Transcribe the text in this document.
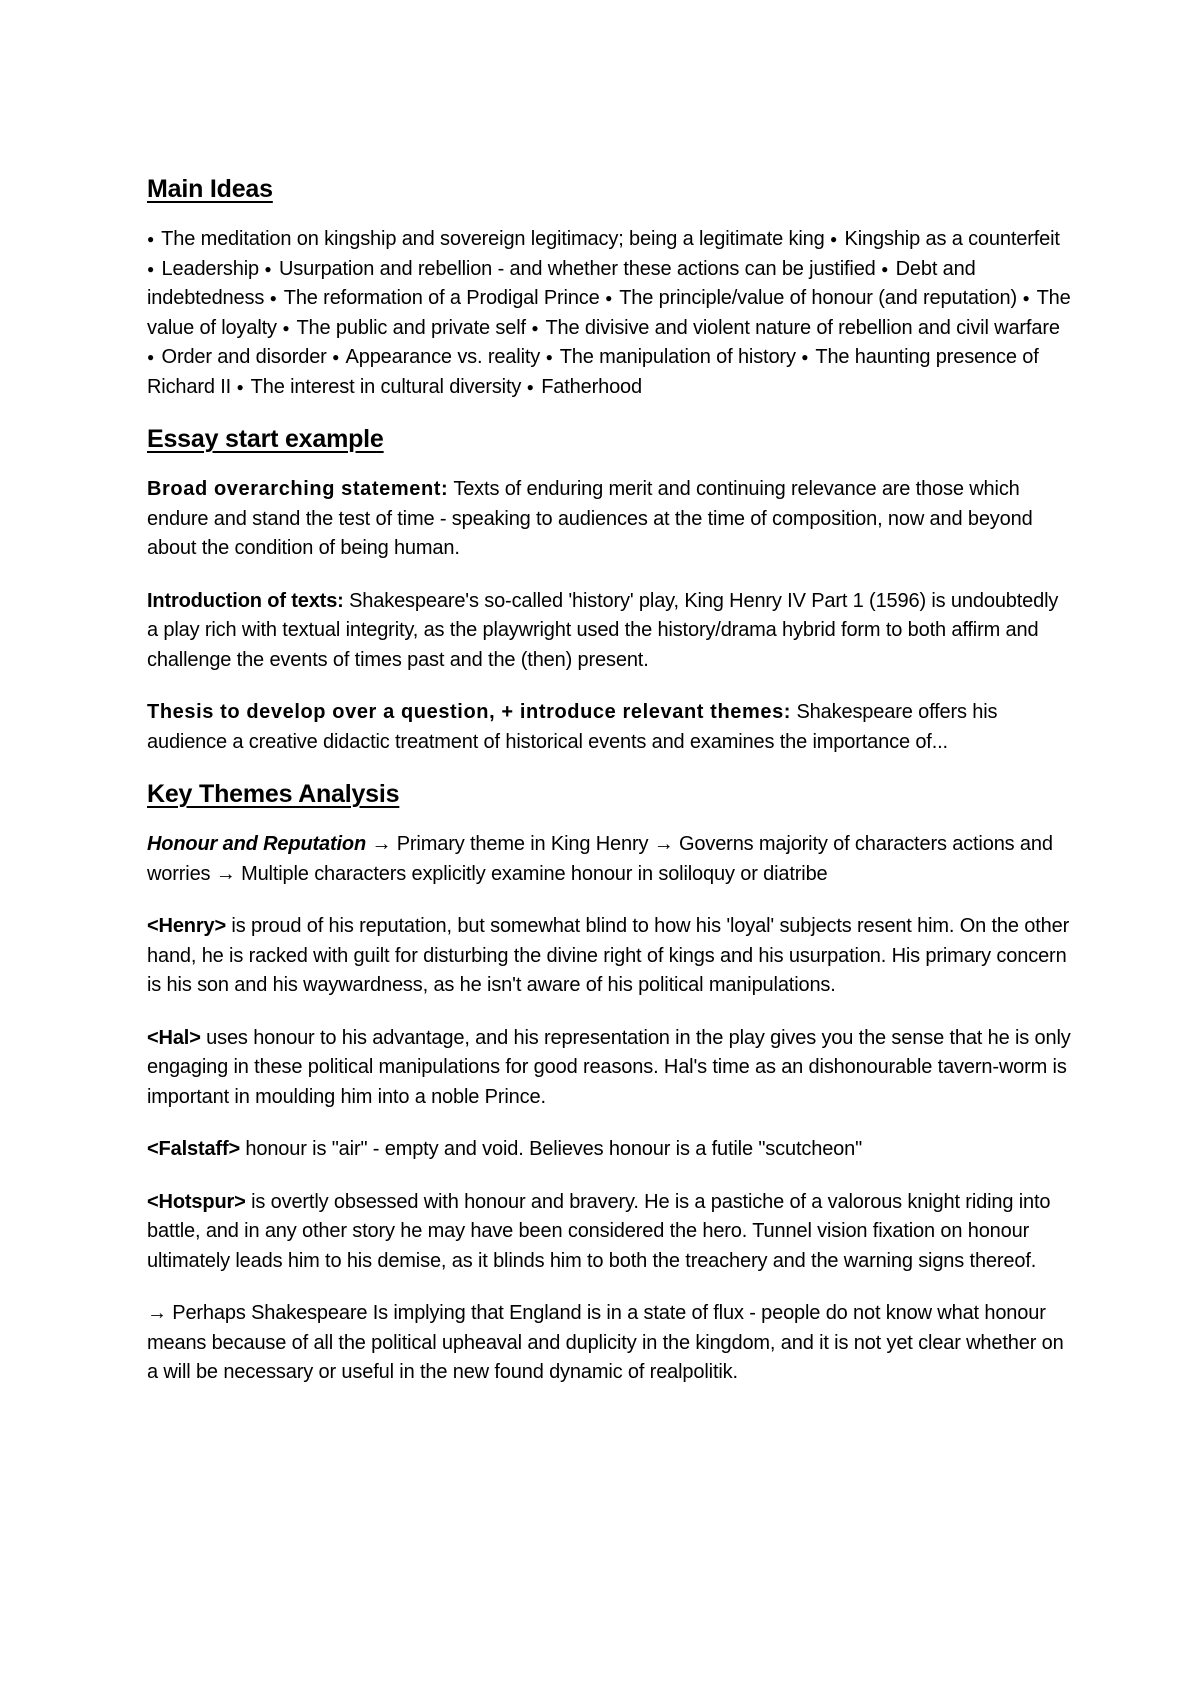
Main Ideas

● The meditation on kingship and sovereign legitimacy; being a legitimate king ● Kingship as a counterfeit ● Leadership ● Usurpation and rebellion - and whether these actions can be justified ● Debt and indebtedness ● The reformation of a Prodigal Prince ● The principle/value of honour (and reputation) ● The value of loyalty ● The public and private self ● The divisive and violent nature of rebellion and civil warfare ● Order and disorder ● Appearance vs. reality ● The manipulation of history ● The haunting presence of Richard II ● The interest in cultural diversity ● Fatherhood

Essay start example

Broad overarching statement: Texts of enduring merit and continuing relevance are those which endure and stand the test of time - speaking to audiences at the time of composition, now and beyond about the condition of being human.

Introduction of texts: Shakespeare's so-called 'history' play, King Henry IV Part 1 (1596) is undoubtedly a play rich with textual integrity, as the playwright used the history/drama hybrid form to both affirm and challenge the events of times past and the (then) present.

Thesis to develop over a question, + introduce relevant themes: Shakespeare offers his audience a creative didactic treatment of historical events and examines the importance of...

Key Themes Analysis

Honour and Reputation → Primary theme in King Henry → Governs majority of characters actions and worries → Multiple characters explicitly examine honour in soliloquy or diatribe

<Henry> is proud of his reputation, but somewhat blind to how his 'loyal' subjects resent him. On the other hand, he is racked with guilt for disturbing the divine right of kings and his usurpation. His primary concern is his son and his waywardness, as he isn't aware of his political manipulations.

<Hal> uses honour to his advantage, and his representation in the play gives you the sense that he is only engaging in these political manipulations for good reasons. Hal's time as an dishonourable tavern-worm is important in moulding him into a noble Prince.

<Falstaff> honour is "air" - empty and void. Believes honour is a futile "scutcheon"

<Hotspur> is overtly obsessed with honour and bravery. He is a pastiche of a valorous knight riding into battle, and in any other story he may have been considered the hero. Tunnel vision fixation on honour ultimately leads him to his demise, as it blinds him to both the treachery and the warning signs thereof.

→ Perhaps Shakespeare Is implying that England is in a state of flux - people do not know what honour means because of all the political upheaval and duplicity in the kingdom, and it is not yet clear whether on a will be necessary or useful in the new found dynamic of realpolitik.
